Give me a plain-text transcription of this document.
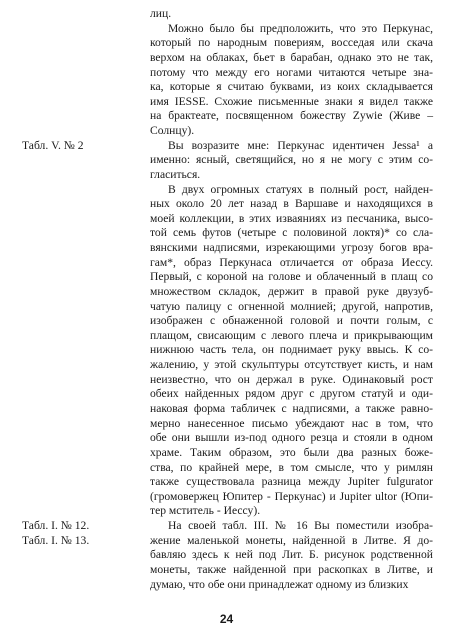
лиц.
Можно было бы предположить, что это Перкунас,
который по народным повериям, восседая или скача
верхом на облаках, бьет в барабан, однако это не так,
потому что между его ногами читаются четыре зна-
ка, которые я считаю буквами, из коих складывается
имя IESSE. Схожие письменные знаки я видел также
на брактеате, посвященном божеству Zywie (Живе –
Солнцу).
Вы возразите мне: Перкунас идентичен Jessa¹ а
именно: ясный, светящийся, но я не могу с этим со-
гласиться.
В двух огромных статуях в полный рост, найден-
ных около 20 лет назад в Варшаве и находящихся в
моей коллекции, в этих изваяниях из песчаника, высо-
той семь футов (четыре с половиной локтя)* со сла-
вянскими надписями, изрекающими угрозу богов вра-
гам*, образ Перкунаса отличается от образа Иессу.
Первый, с короной на голове и облаченный в плащ со
множеством складок, держит в правой руке двузуб-
чатую палицу с огненной молнией; другой, напротив,
изображен с обнаженной головой и почти голым, с
плащом, свисающим с левого плеча и прикрывающим
нижнюю часть тела, он поднимает руку ввысь. К со-
жалению, у этой скульптуры отсутствует кисть, и нам
неизвестно, что он держал в руке. Одинаковый рост
обеих найденных рядом друг с другом статуй и оди-
наковая форма табличек с надписями, а также равно-
мерно нанесенное письмо убеждают нас в том, что
обе они вышли из-под одного резца и стояли в одном
храме. Таким образом, это были два разных боже-
ства, по крайней мере, в том смысле, что у римлян
также существовала разница между Jupiter fulgurator
(громовержец Юпитер - Перкунас) и Jupiter ultor (Юпи-
тер мститель - Иессу).
На своей табл. III. № 16 Вы поместили изобра-
жение маленькой монеты, найденной в Литве. Я до-
бавляю здесь к ней под Лит. Б. рисунок родственной
монеты, также найденной при раскопках в Литве, и
думаю, что обе они принадлежат одному из близких
Табл. V. № 2
Табл. I. № 12.
Табл. I. № 13.
24
